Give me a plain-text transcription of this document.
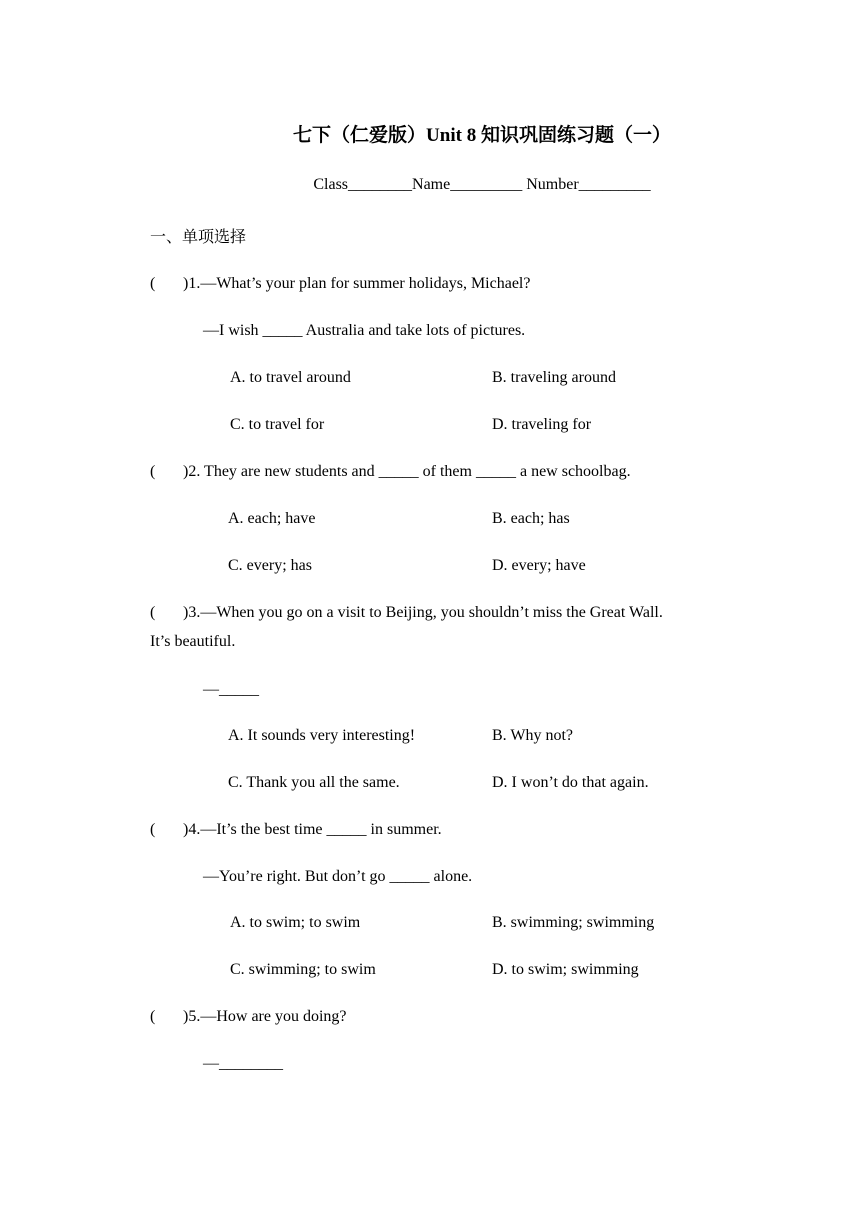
七下（仁爱版）Unit 8 知识巩固练习题（一）
Class________Name_________ Number_________
一、单项选择
( )1.—What’s your plan for summer holidays, Michael?
—I wish _____ Australia and take lots of pictures.
A. to travel around	B. traveling around
C. to travel for	D. traveling for
( )2. They are new students and _____ of them _____ a new schoolbag.
A. each; have	B. each; has
C. every; has	D. every; have
( )3.—When you go on a visit to Beijing, you shouldn’t miss the Great Wall.
It’s beautiful.
—_____
A. It sounds very interesting!	B. Why not?
C. Thank you all the same.	D. I won’t do that again.
( )4.—It’s the best time _____ in summer.
—You’re right. But don’t go _____ alone.
A. to swim; to swim	B. swimming; swimming
C. swimming; to swim	D. to swim; swimming
( )5.—How are you doing?
—________
